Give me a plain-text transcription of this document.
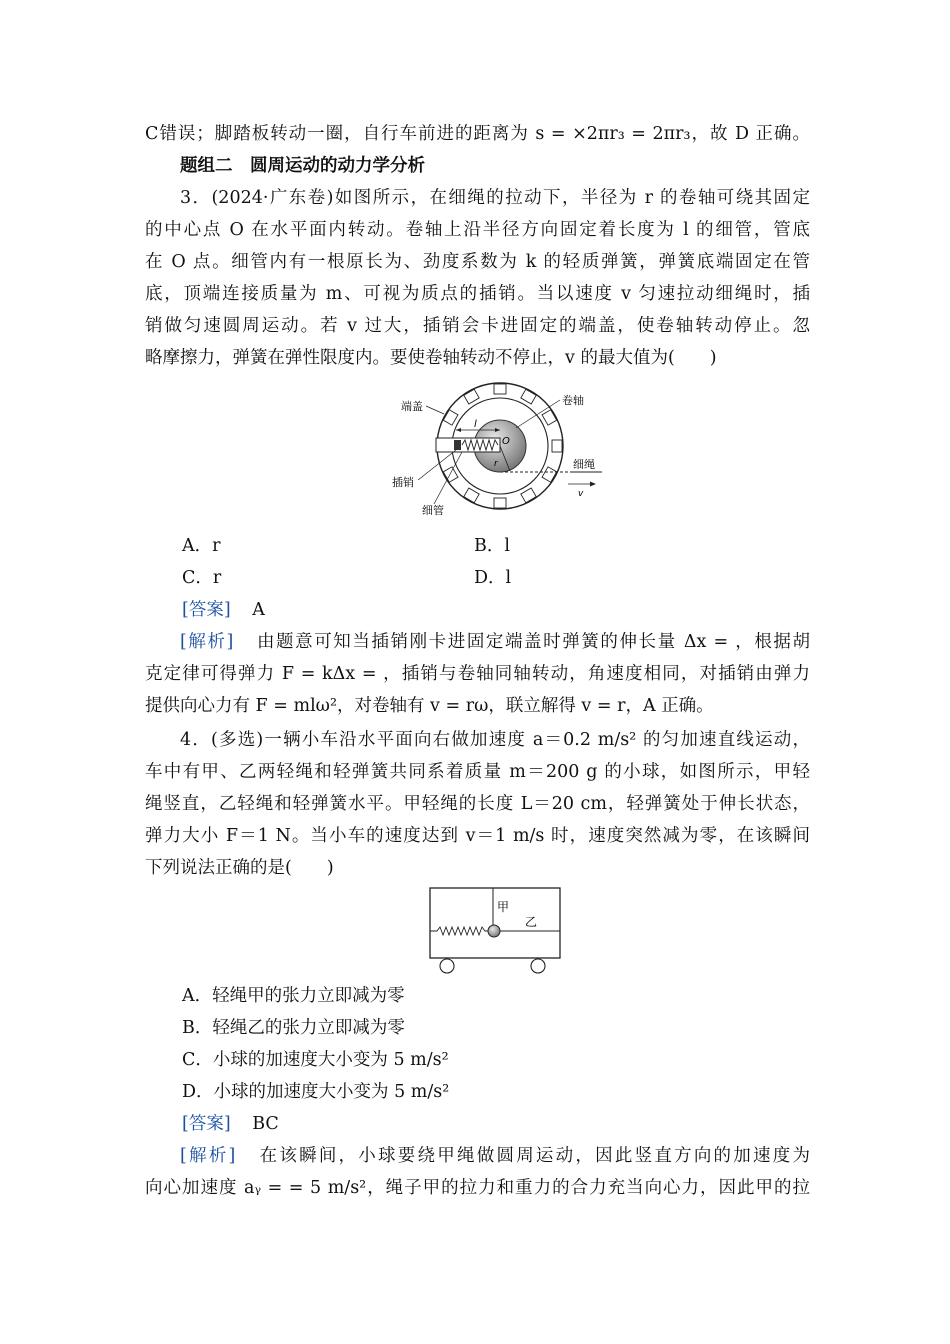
C错误；脚踏板转动一圈，自行车前进的距离为 s = ×2πr₃ = 2πr₃，故 D 正确。
题组二　圆周运动的动力学分析
3．(2024·广东卷)如图所示，在细绳的拉动下，半径为 r 的卷轴可绕其固定
的中心点 O 在水平面内转动。卷轴上沿半径方向固定着长度为 l 的细管，管底
在 O 点。细管内有一根原长为、劲度系数为 k 的轻质弹簧，弹簧底端固定在管
底，顶端连接质量为 m、可视为质点的插销。当以速度 v 匀速拉动细绳时，插
销做匀速圆周运动。若 v 过大，插销会卡进固定的端盖，使卷轴转动停止。忽
略摩擦力，弹簧在弹性限度内。要使卷轴转动不停止，v 的最大值为(　　)
l
O
r
v
端盖	卷轴
细绳
插销
细管
A．r	B．l
C．r	D．l
[答案] A
[解析] 由题意可知当插销刚卡进固定端盖时弹簧的伸长量 Δx = ，根据胡
克定律可得弹力 F = kΔx = ，插销与卷轴同轴转动，角速度相同，对插销由弹力
提供向心力有 F = mlω²，对卷轴有 v = rω，联立解得 v = r，A 正确。
4．(多选)一辆小车沿水平面向右做加速度 a＝0.2 m/s² 的匀加速直线运动，
车中有甲、乙两轻绳和轻弹簧共同系着质量 m＝200 g 的小球，如图所示，甲轻
绳竖直，乙轻绳和轻弹簧水平。甲轻绳的长度 L＝20 cm，轻弹簧处于伸长状态，
弹力大小 F＝1 N。当小车的速度达到 v＝1 m/s 时，速度突然减为零，在该瞬间
下列说法正确的是(　　)
甲
乙
A．轻绳甲的张力立即减为零
B．轻绳乙的张力立即减为零
C．小球的加速度大小变为 5 m/s²
D．小球的加速度大小变为 5 m/s²
[答案] BC
[解析] 在该瞬间，小球要绕甲绳做圆周运动，因此竖直方向的加速度为
向心加速度 aᵧ = = 5 m/s²，绳子甲的拉力和重力的合力充当向心力，因此甲的拉
